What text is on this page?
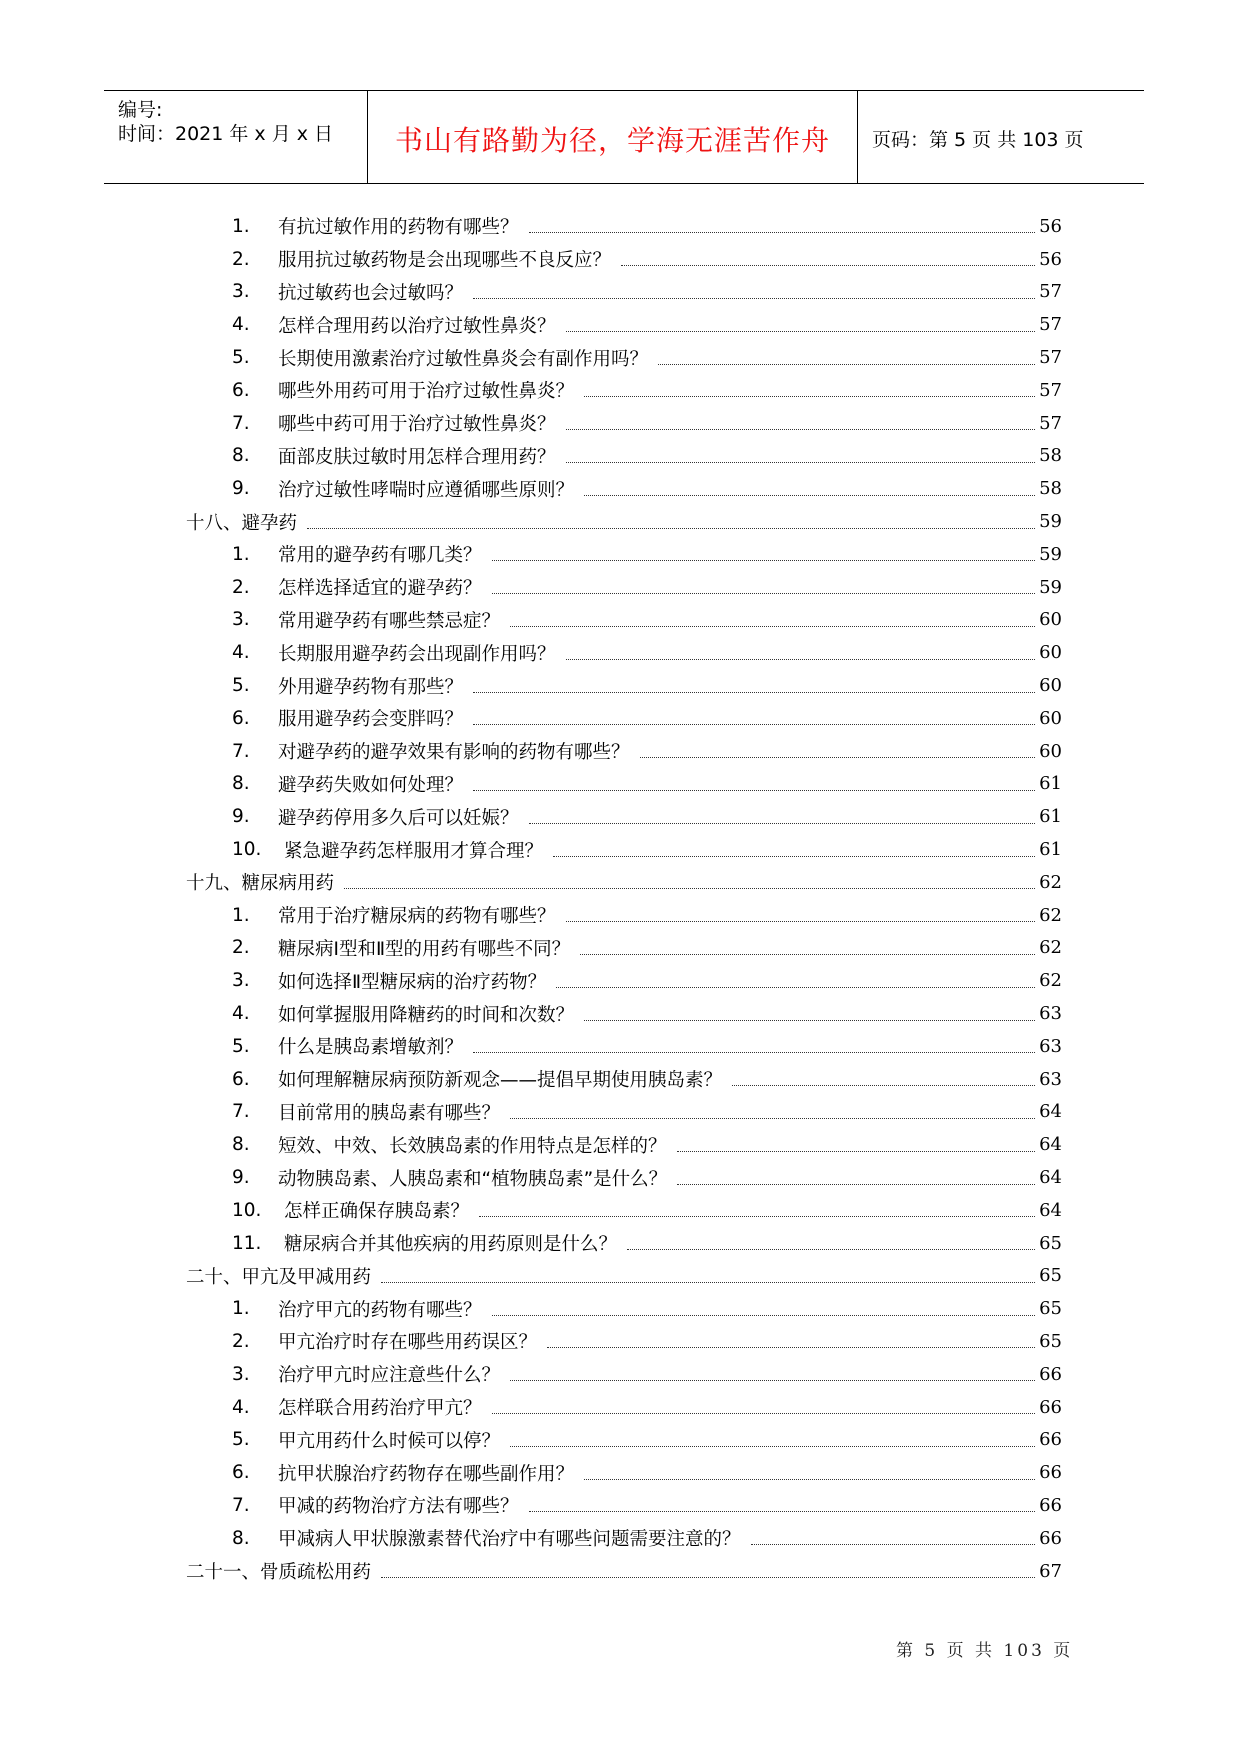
编号:
时间：2021 年 x 月 x 日	书山有路勤为径，学海无涯苦作舟	页码：第 5 页 共 103 页
1.	有抗过敏作用的药物有哪些？	56
2.	服用抗过敏药物是会出现哪些不良反应？	56
3.	抗过敏药也会过敏吗？	57
4.	怎样合理用药以治疗过敏性鼻炎？	57
5.	长期使用激素治疗过敏性鼻炎会有副作用吗？	57
6.	哪些外用药可用于治疗过敏性鼻炎？	57
7.	哪些中药可用于治疗过敏性鼻炎？	57
8.	面部皮肤过敏时用怎样合理用药？	58
9.	治疗过敏性哮喘时应遵循哪些原则？	58
十八、避孕药	59
1.	常用的避孕药有哪几类？	59
2.	怎样选择适宜的避孕药？	59
3.	常用避孕药有哪些禁忌症？	60
4.	长期服用避孕药会出现副作用吗？	60
5.	外用避孕药物有那些？	60
6.	服用避孕药会变胖吗？	60
7.	对避孕药的避孕效果有影响的药物有哪些？	60
8.	避孕药失败如何处理？	61
9.	避孕药停用多久后可以妊娠？	61
10.	紧急避孕药怎样服用才算合理？	61
十九、糖尿病用药	62
1.	常用于治疗糖尿病的药物有哪些？	62
2.	糖尿病Ⅰ型和Ⅱ型的用药有哪些不同？	62
3.	如何选择Ⅱ型糖尿病的治疗药物？	62
4.	如何掌握服用降糖药的时间和次数？	63
5.	什么是胰岛素增敏剂？	63
6.	如何理解糖尿病预防新观念——提倡早期使用胰岛素？	63
7.	目前常用的胰岛素有哪些？	64
8.	短效、中效、长效胰岛素的作用特点是怎样的？	64
9.	动物胰岛素、人胰岛素和“植物胰岛素”是什么？	64
10.	怎样正确保存胰岛素？	64
11.	糖尿病合并其他疾病的用药原则是什么？	65
二十、甲亢及甲减用药	65
1.	治疗甲亢的药物有哪些？	65
2.	甲亢治疗时存在哪些用药误区？	65
3.	治疗甲亢时应注意些什么？	66
4.	怎样联合用药治疗甲亢？	66
5.	甲亢用药什么时候可以停？	66
6.	抗甲状腺治疗药物存在哪些副作用？	66
7.	甲减的药物治疗方法有哪些？	66
8.	甲减病人甲状腺激素替代治疗中有哪些问题需要注意的？	66
二十一、骨质疏松用药	67
第 5 页 共 103 页
